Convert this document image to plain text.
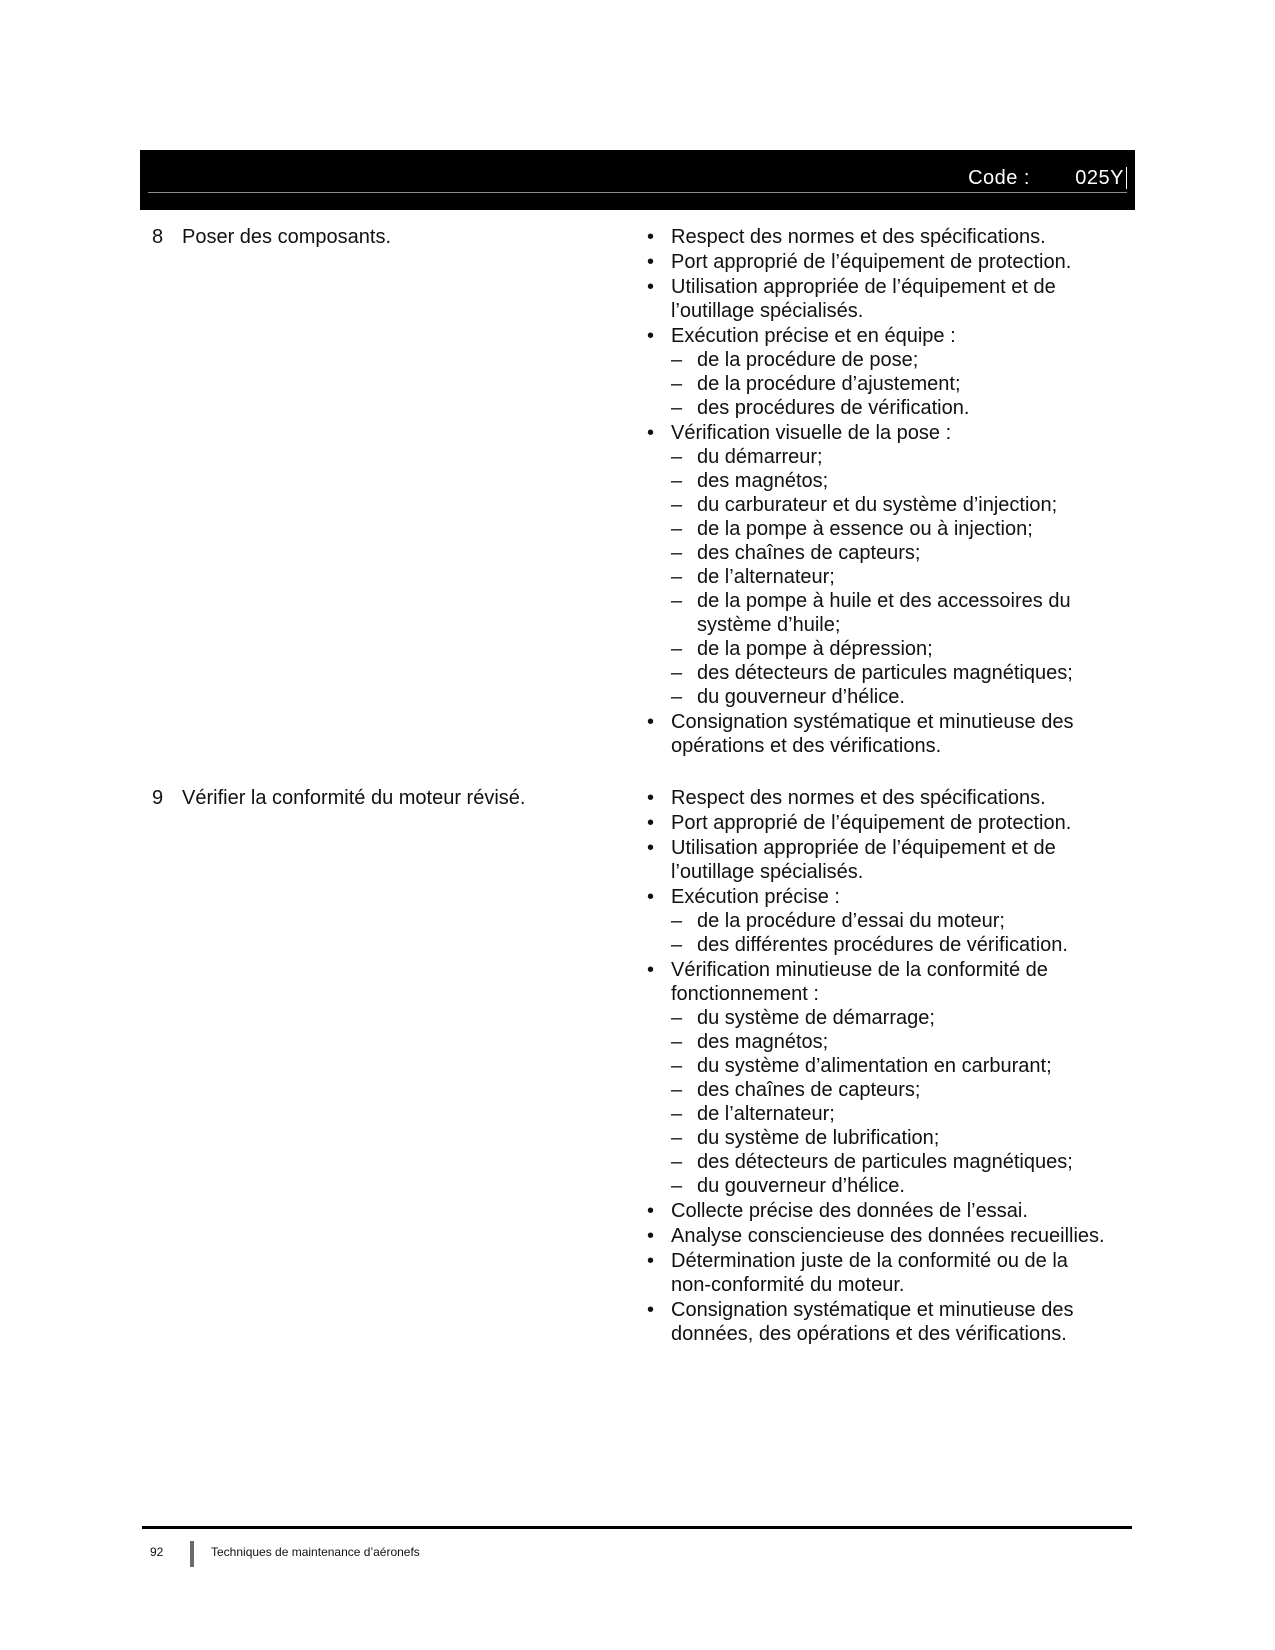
Code : 025Y
8 Poser des composants.	• Respect des normes et des spécifications.
• Port approprié de l’équipement de protection.
• Utilisation appropriée de l’équipement et de l’outillage spécialisés.
• Exécution précise et en équipe :
– de la procédure de pose;
– de la procédure d’ajustement;
– des procédures de vérification.
• Vérification visuelle de la pose :
– du démarreur;
– des magnétos;
– du carburateur et du système d’injection;
– de la pompe à essence ou à injection;
– des chaînes de capteurs;
– de l’alternateur;
– de la pompe à huile et des accessoires du système d’huile;
– de la pompe à dépression;
– des détecteurs de particules magnétiques;
– du gouverneur d’hélice.
• Consignation systématique et minutieuse des opérations et des vérifications.
9 Vérifier la conformité du moteur révisé.	• Respect des normes et des spécifications.
• Port approprié de l’équipement de protection.
• Utilisation appropriée de l’équipement et de l’outillage spécialisés.
• Exécution précise :
– de la procédure d’essai du moteur;
– des différentes procédures de vérification.
• Vérification minutieuse de la conformité de fonctionnement :
– du système de démarrage;
– des magnétos;
– du système d’alimentation en carburant;
– des chaînes de capteurs;
– de l’alternateur;
– du système de lubrification;
– des détecteurs de particules magnétiques;
– du gouverneur d’hélice.
• Collecte précise des données de l’essai.
• Analyse consciencieuse des données recueillies.
• Détermination juste de la conformité ou de la non-conformité du moteur.
• Consignation systématique et minutieuse des données, des opérations et des vérifications.
92	Techniques de maintenance d’aéronefs
